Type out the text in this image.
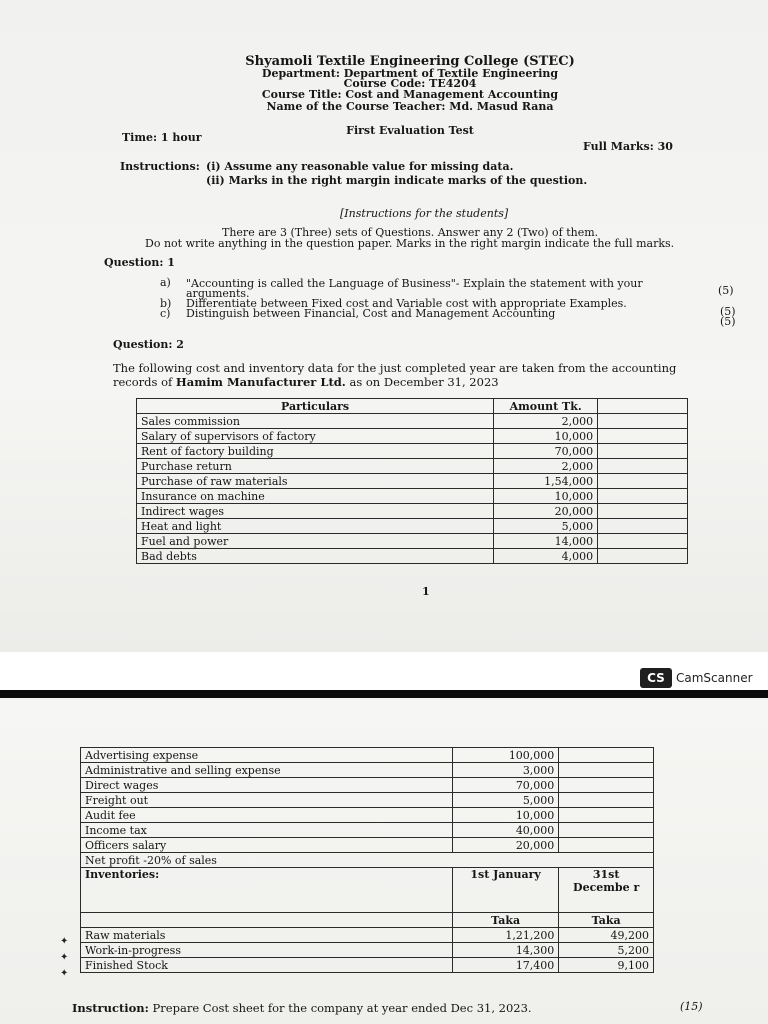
Shyamoli Textile Engineering College (STEC)
Department: Department of Textile Engineering
Course Code: TE4204
Course Title: Cost and Management Accounting
Name of the Course Teacher: Md. Masud Rana
First Evaluation Test
Time: 1 hour
Full Marks: 30
Instructions: (i) Assume any reasonable value for missing data.
(ii) Marks in the right margin indicate marks of the question.
[Instructions for the students]
There are 3 (Three) sets of Questions. Answer any 2 (Two) of them.
Do not write anything in the question paper. Marks in the right margin indicate the full marks.
Question: 1
a) "Accounting is called the Language of Business"- Explain the statement with your
arguments.	(5)
b) Differentiate between Fixed cost and Variable cost with appropriate Examples.
(5)
c) Distinguish between Financial, Cost and Management Accounting
(5)
Question: 2
The following cost and inventory data for the just completed year are taken from the accounting
records of Hamim Manufacturer Ltd. as on December 31, 2023
Particulars	Amount Tk.	
Sales commission	2,000	
Salary of supervisors of factory	10,000	
Rent of factory building	70,000	
Purchase return	2,000	
Purchase of raw materials	1,54,000	
Insurance on machine	10,000	
Indirect wages	20,000	
Heat and light	5,000	
Fuel and power	14,000	
Bad debts	4,000	
1
CS CamScanner
Advertising expense	100,000	
Administrative and selling expense	3,000	
Direct wages	70,000	
Freight out	5,000	
Audit fee	10,000	
Income tax	40,000	
Officers salary	20,000	
Net profit -20% of sales		
Inventories:	1st January	31st Decembe r
	Taka	Taka
Raw materials	1,21,200	49,200
Work-in-progress	14,300	5,200
Finished Stock	17,400	9,100
✦
✦
✦
Instruction: Prepare Cost sheet for the company at year ended Dec 31, 2023.	(15)
